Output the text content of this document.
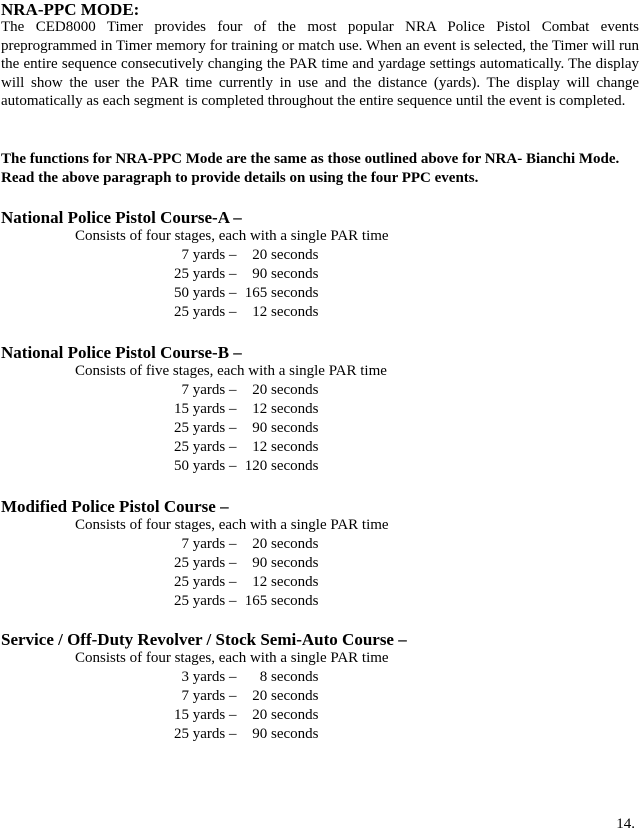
NRA-PPC MODE:

The CED8000 Timer provides four of the most popular NRA Police Pistol Combat events preprogrammed in Timer memory for training or match use. When an event is selected, the Timer will run the entire sequence consecutively changing the PAR time and yardage settings automatically. The display will show the user the PAR time currently in use and the distance (yards). The display will change automatically as each segment is completed throughout the entire sequence until the event is completed.

The functions for NRA-PPC Mode are the same as those outlined above for NRA- Bianchi Mode. Read the above paragraph to provide details on using the four PPC events.

National Police Pistol Course-A –

Consists of four stages, each with a single PAR time

7 yards – 20 seconds
25 yards – 90 seconds
50 yards – 165 seconds
25 yards – 12 seconds
National Police Pistol Course-B –

Consists of five stages, each with a single PAR time

7 yards – 20 seconds
15 yards – 12 seconds
25 yards – 90 seconds
25 yards – 12 seconds
50 yards – 120 seconds
Modified Police Pistol Course –

Consists of four stages, each with a single PAR time

7 yards – 20 seconds
25 yards – 90 seconds
25 yards – 12 seconds
25 yards – 165 seconds
Service / Off-Duty Revolver / Stock Semi-Auto Course –

Consists of four stages, each with a single PAR time

3 yards – 8 seconds
7 yards – 20 seconds
15 yards – 20 seconds
25 yards – 90 seconds
14.
